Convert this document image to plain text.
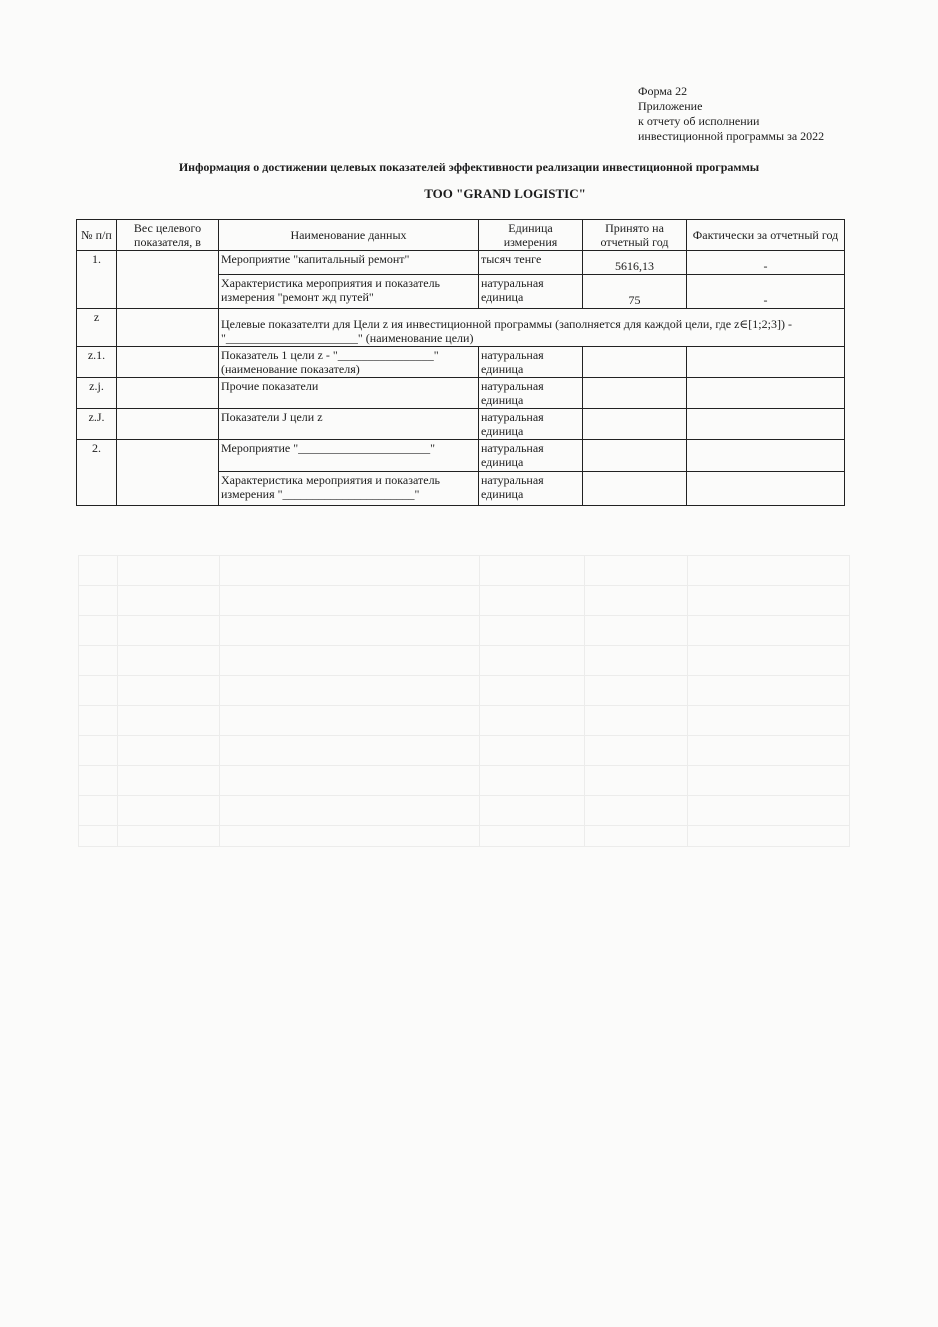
Форма 22
Приложение
к отчету об исполнении
инвестиционной программы за 2022
Информация о достижении целевых показателей эффективности реализации инвестиционной программы
ТОО "GRAND LOGISTIC"
№ п/п	Вес целевого показателя, в	Наименование данных	Единица измерения	Принято на отчетный год	Фактически за отчетный год
1.		Мероприятие "капитальный ремонт"	тысяч тенге	5616,13	-
		Характеристика мероприятия и показатель измерения "ремонт жд путей"	натуральная единица	75	-
z		Целевые показателти для Цели z ия инвестиционной программы (заполняется для каждой цели, где z∈[1;2;3]) - "______________________" (наименование цели)			
z.1.		Показатель 1 цели z - "________________" (наименование показателя)	натуральная единица		
z.j.		Прочие показатели	натуральная единица		
z.J.		Показатели J цели z	натуральная единица		
2.		Мероприятие "______________________"	натуральная единица		
		Характеристика мероприятия и показатель измерения "______________________"	натуральная единица		
